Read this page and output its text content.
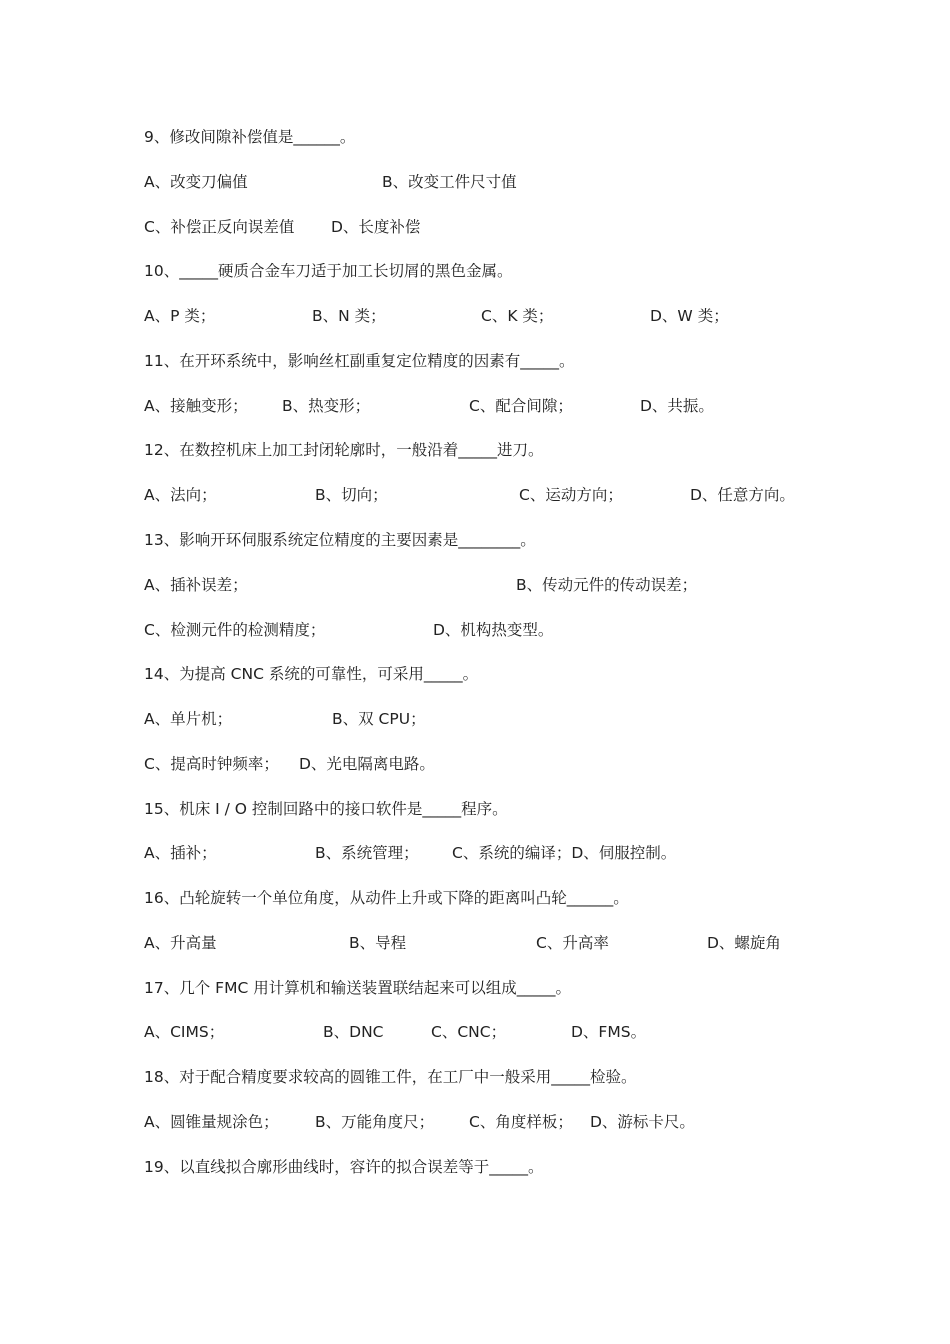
9、修改间隙补偿值是______。
A、改变刀偏值	B、改变工件尺寸值
C、补偿正反向误差值 D、长度补偿
10、_____硬质合金车刀适于加工长切屑的黑色金属。
A、P 类；	B、N 类；	C、K 类；	D、W 类；
11、在开环系统中，影响丝杠副重复定位精度的因素有_____。
A、接触变形； B、热变形；	C、配合间隙；	D、共振。
12、在数控机床上加工封闭轮廓时，一般沿着_____进刀。
A、法向；	B、切向；	C、运动方向；	D、任意方向。
13、影响开环伺服系统定位精度的主要因素是________。
A、插补误差；	B、传动元件的传动误差；
C、检测元件的检测精度；	D、机构热变型。
14、为提高 CNC 系统的可靠性，可采用_____。
A、单片机；	B、双 CPU；
C、提高时钟频率； D、光电隔离电路。
15、机床 I / O 控制回路中的接口软件是_____程序。
A、插补；	B、系统管理； C、系统的编译；D、伺服控制。
16、凸轮旋转一个单位角度，从动件上升或下降的距离叫凸轮______。
A、升高量	B、导程	C、升高率	D、螺旋角
17、几个 FMC 用计算机和输送装置联结起来可以组成_____。
A、CIMS；	B、DNC	C、CNC；	D、FMS。
18、对于配合精度要求较高的圆锥工件，在工厂中一般采用_____检验。
A、圆锥量规涂色； B、万能角度尺； C、角度样板； D、游标卡尺。
19、以直线拟合廓形曲线时，容许的拟合误差等于_____。
